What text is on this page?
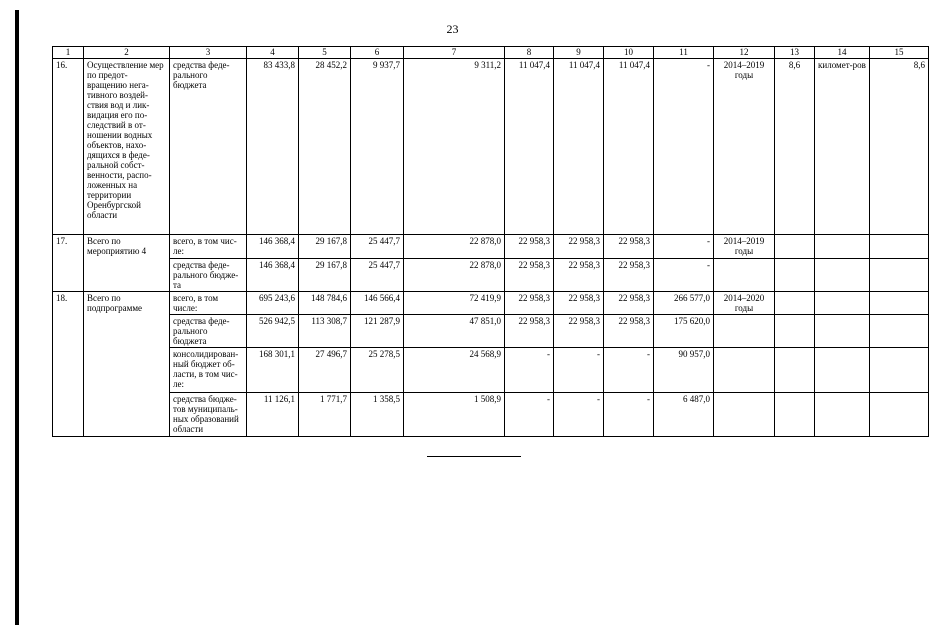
23
1	2	3	4	5	6	7	8	9	10	11	12	13	14	15
16.	Осуществление мер по предот-вращению нега-тивного воздей-ствия вод и лик-видация его по-следствий в от-ношении водных объектов, нахо-дящихся в феде-ральной собст-венности, распо-ложенных на территории Оренбургской области	средства феде-рального бюджета	83 433,8	28 452,2	9 937,7	9 311,2	11 047,4	11 047,4	11 047,4	-	2014–2019 годы	8,6	километ-ров	8,6
17.	Всего по мероприятию 4	всего, в том чис-ле:	146 368,4	29 167,8	25 447,7	22 878,0	22 958,3	22 958,3	22 958,3	-	2014–2019 годы			
		средства феде-рального бюдже-та	146 368,4	29 167,8	25 447,7	22 878,0	22 958,3	22 958,3	22 958,3	-				
18.	Всего по подпрограмме	всего, в том числе:	695 243,6	148 784,6	146 566,4	72 419,9	22 958,3	22 958,3	22 958,3	266 577,0	2014–2020 годы			
		средства феде-рального бюджета	526 942,5	113 308,7	121 287,9	47 851,0	22 958,3	22 958,3	22 958,3	175 620,0				
		консолидирован-ный бюджет об-ласти, в том чис-ле:	168 301,1	27 496,7	25 278,5	24 568,9	-	-	-	90 957,0				
		средства бюдже-тов муниципаль-ных образований области	11 126,1	1 771,7	1 358,5	1 508,9	-	-	-	6 487,0				
